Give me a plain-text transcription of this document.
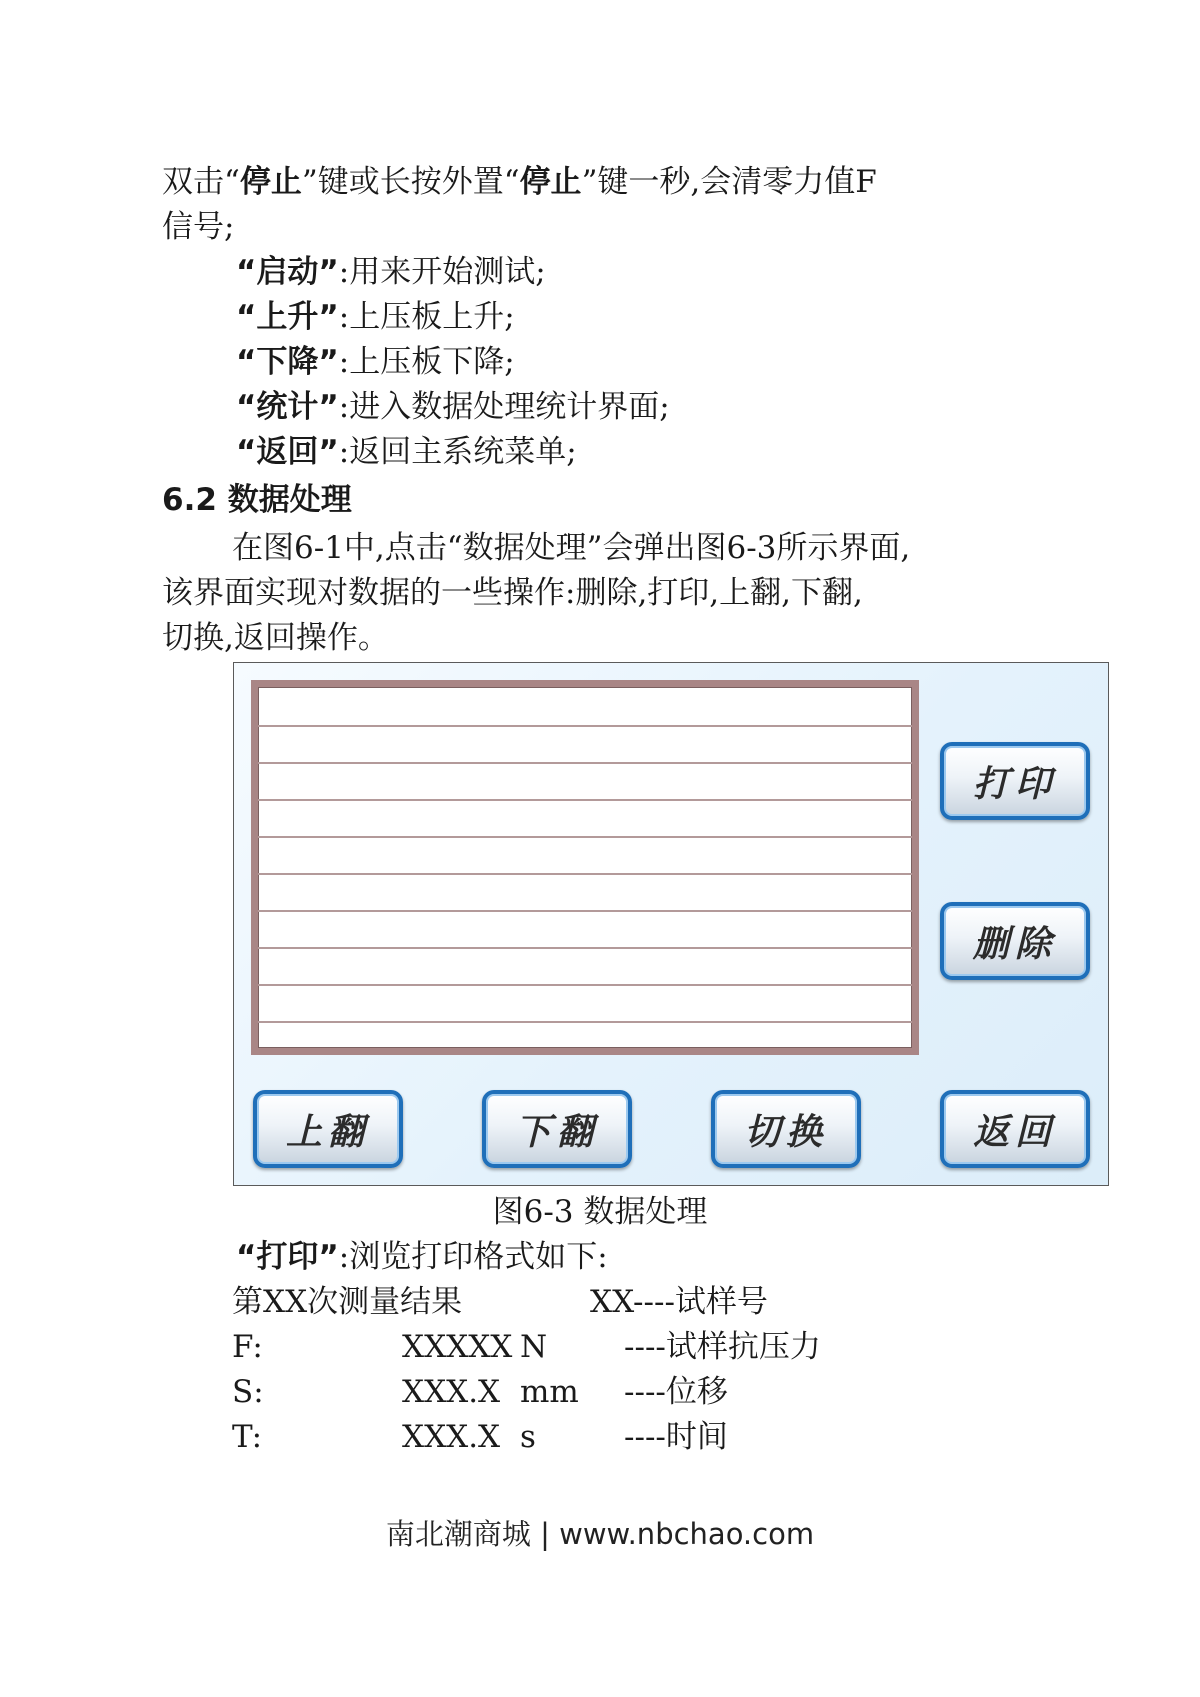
双击“停止”键或长按外置“停止”键一秒,会清零力值F
信号;
“启动”:用来开始测试;
“上升”:上压板上升;
“下降”:上压板下降;
“统计”:进入数据处理统计界面;
“返回”:返回主系统菜单;
6.2 数据处理
在图6-1中,点击“数据处理”会弹出图6-3所示界面,
该界面实现对数据的一些操作:删除,打印,上翻,下翻,
切换,返回操作。
打印
删除
上翻	下翻	切换	返回
图6-3 数据处理
“打印”:浏览打印格式如下:
第XX次测量结果	XX----试样号
F:	XXXXX N ----试样抗压力
S:	XXX.X mm ----位移
T:	XXX.X s	----时间
南北潮商城 | www.nbchao.com
